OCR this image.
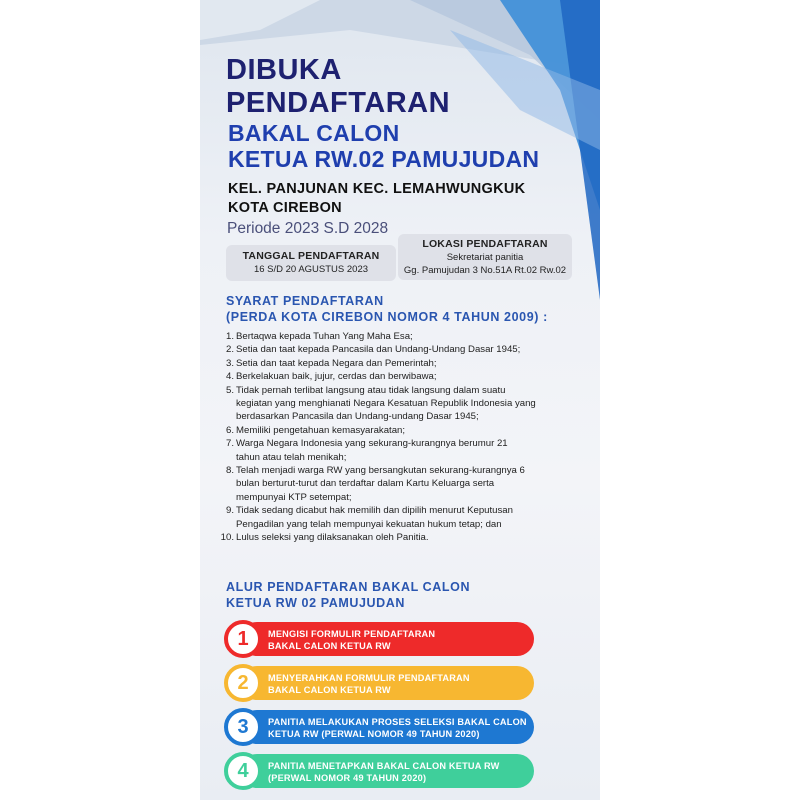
DIBUKA
PENDAFTARAN
BAKAL CALON
KETUA RW.02 PAMUJUDAN
KEL. PANJUNAN KEC. LEMAHWUNGKUK
KOTA CIREBON
Periode 2023 S.D 2028
TANGGAL PENDAFTARAN
16 S/D 20 AGUSTUS 2023
LOKASI PENDAFTARAN
Sekretariat panitia
Gg. Pamujudan 3 No.51A Rt.02 Rw.02
SYARAT PENDAFTARAN
(PERDA KOTA CIREBON NOMOR 4 TAHUN 2009) :
1. Bertaqwa kepada Tuhan Yang Maha Esa;
2. Setia dan taat kepada Pancasila dan Undang-Undang Dasar 1945;
3. Setia dan taat kepada Negara dan Pemerintah;
4. Berkelakuan baik, jujur, cerdas dan berwibawa;
5. Tidak pernah terlibat langsung atau tidak langsung dalam suatu
kegiatan yang menghianati Negara Kesatuan Republik Indonesia yang
berdasarkan Pancasila dan Undang-undang Dasar 1945;
6. Memiliki pengetahuan kemasyarakatan;
7. Warga Negara Indonesia yang sekurang-kurangnya berumur 21
tahun atau telah menikah;
8. Telah menjadi warga RW yang bersangkutan sekurang-kurangnya 6
bulan berturut-turut dan terdaftar dalam Kartu Keluarga serta
mempunyai KTP setempat;
9. Tidak sedang dicabut hak memilih dan dipilih menurut Keputusan
Pengadilan yang telah mempunyai kekuatan hukum tetap; dan
10. Lulus seleksi yang dilaksanakan oleh Panitia.
ALUR PENDAFTARAN BAKAL CALON
KETUA RW 02 PAMUJUDAN
1	MENGISI FORMULIR PENDAFTARAN
BAKAL CALON KETUA RW
2	MENYERAHKAN FORMULIR PENDAFTARAN
BAKAL CALON KETUA RW
3	PANITIA MELAKUKAN PROSES SELEKSI BAKAL CALON
KETUA RW (PERWAL NOMOR 49 TAHUN 2020)
4	PANITIA MENETAPKAN BAKAL CALON KETUA RW
(PERWAL NOMOR 49 TAHUN 2020)
